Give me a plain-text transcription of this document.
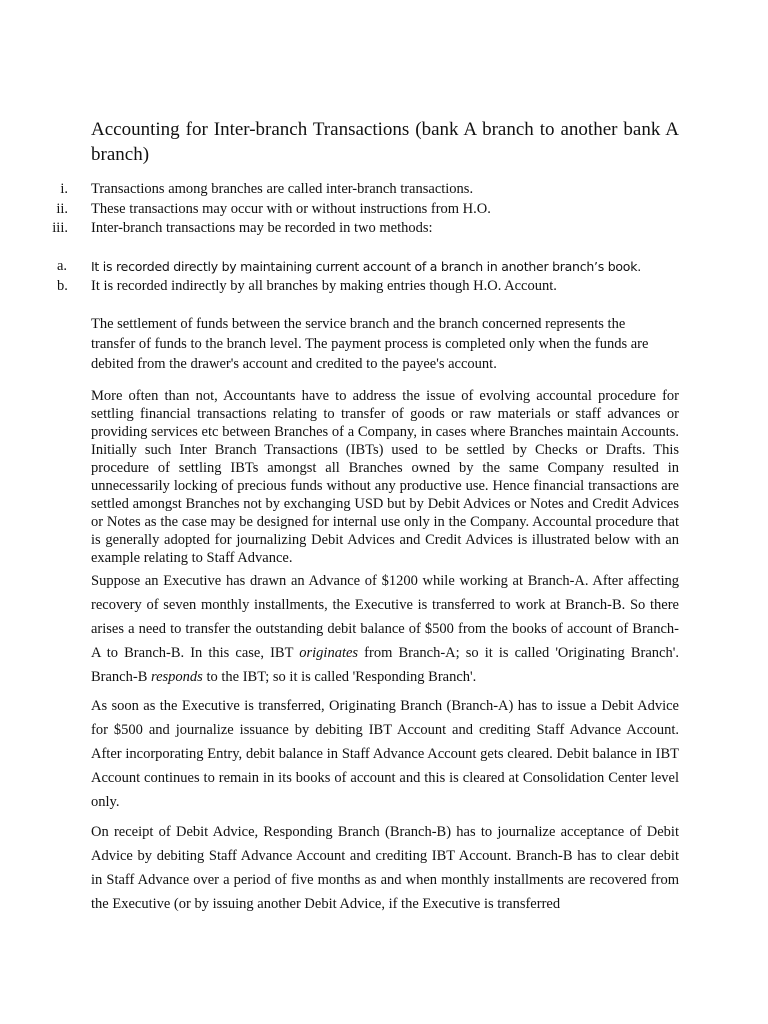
Accounting for Inter-branch Transactions (bank A branch to another bank A branch)
i. Transactions among branches are called inter-branch transactions.
ii. These transactions may occur with or without instructions from H.O.
iii. Inter-branch transactions may be recorded in two methods:
a. It is recorded directly by maintaining current account of a branch in another branch’s book.
b. It is recorded indirectly by all branches by making entries though H.O. Account.

The settlement of funds between the service branch and the branch concerned represents the transfer of funds to the branch level. The payment process is completed only when the funds are debited from the drawer's account and credited to the payee's account.

More often than not, Accountants have to address the issue of evolving accountal procedure for settling financial transactions relating to transfer of goods or raw materials or staff advances or providing services etc between Branches of a Company, in cases where Branches maintain Accounts. Initially such Inter Branch Transactions (IBTs) used to be settled by Checks or Drafts. This procedure of settling IBTs amongst all Branches owned by the same Company resulted in unnecessarily locking of precious funds without any productive use. Hence financial transactions are settled amongst Branches not by exchanging USD but by Debit Advices or Notes and Credit Advices or Notes as the case may be designed for internal use only in the Company. Accountal procedure that is generally adopted for journalizing Debit Advices and Credit Advices is illustrated below with an example relating to Staff Advance.

Suppose an Executive has drawn an Advance of $1200 while working at Branch-A. After affecting recovery of seven monthly installments, the Executive is transferred to work at Branch-B. So there arises a need to transfer the outstanding debit balance of $500 from the books of account of Branch-A to Branch-B. In this case, IBT originates from Branch-A; so it is called 'Originating Branch'. Branch-B responds to the IBT; so it is called 'Responding Branch'.

As soon as the Executive is transferred, Originating Branch (Branch-A) has to issue a Debit Advice for $500 and journalize issuance by debiting IBT Account and crediting Staff Advance Account. After incorporating Entry, debit balance in Staff Advance Account gets cleared. Debit balance in IBT Account continues to remain in its books of account and this is cleared at Consolidation Center level only.

On receipt of Debit Advice, Responding Branch (Branch-B) has to journalize acceptance of Debit Advice by debiting Staff Advance Account and crediting IBT Account. Branch-B has to clear debit in Staff Advance over a period of five months as and when monthly installments are recovered from the Executive (or by issuing another Debit Advice, if the Executive is transferred
